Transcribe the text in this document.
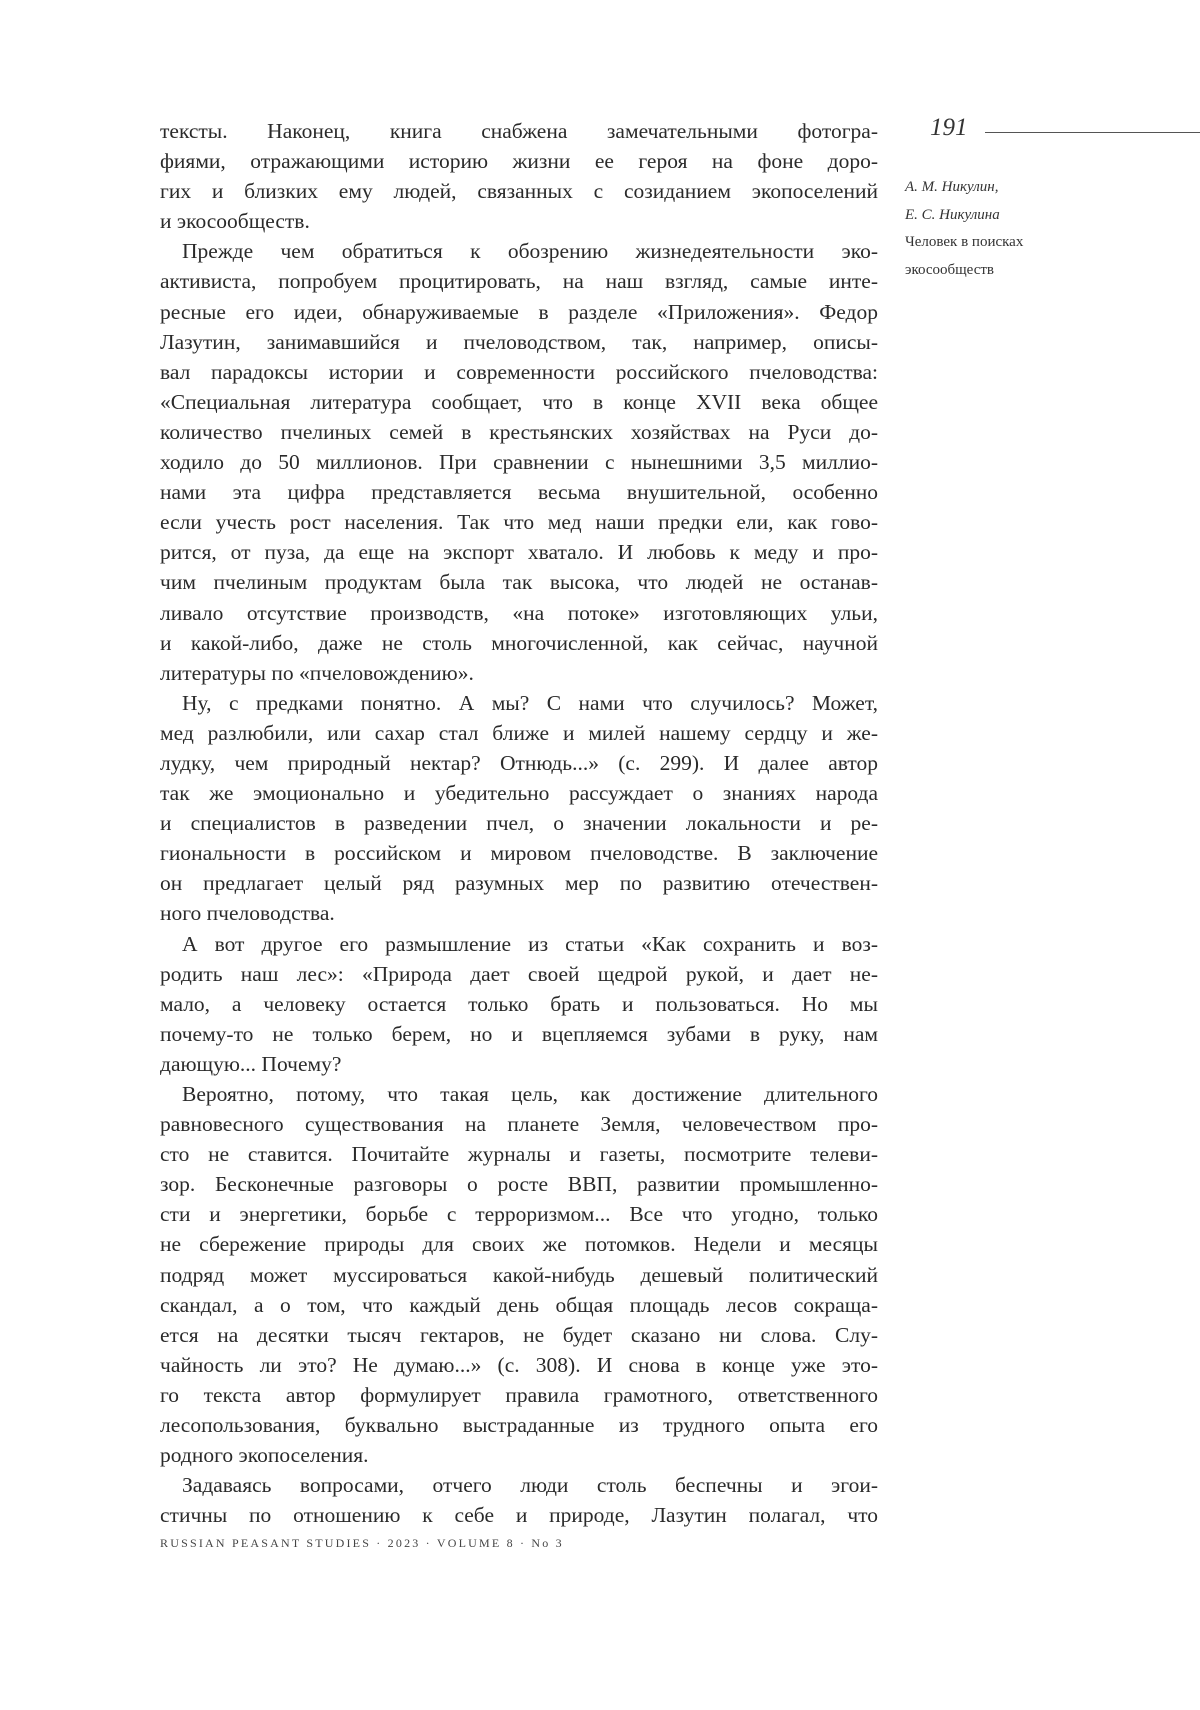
191
А. М. Никулин,
Е. С. Никулина
Человек в поисках
экосообществ
тексты. Наконец, книга снабжена замечательными фотогра-
фиями, отражающими историю жизни ее героя на фоне доро-
гих и близких ему людей, связанных с созиданием экопоселений
и экосообществ.
Прежде чем обратиться к обозрению жизнедеятельности эко-
активиста, попробуем процитировать, на наш взгляд, самые инте-
ресные его идеи, обнаруживаемые в разделе «Приложения». Федор
Лазутин, занимавшийся и пчеловодством, так, например, описы-
вал парадоксы истории и современности российского пчеловодства:
«Специальная литература сообщает, что в конце XVII века общее
количество пчелиных семей в крестьянских хозяйствах на Руси до-
ходило до 50 миллионов. При сравнении с нынешними 3,5 миллио-
нами эта цифра представляется весьма внушительной, особенно
если учесть рост населения. Так что мед наши предки ели, как гово-
рится, от пуза, да еще на экспорт хватало. И любовь к меду и про-
чим пчелиным продуктам была так высока, что людей не останав-
ливало отсутствие производств, «на потоке» изготовляющих ульи,
и какой-либо, даже не столь многочисленной, как сейчас, научной
литературы по «пчеловождению».
Ну, с предками понятно. А мы? С нами что случилось? Может,
мед разлюбили, или сахар стал ближе и милей нашему сердцу и же-
лудку, чем природный нектар? Отнюдь...» (с. 299). И далее автор
так же эмоционально и убедительно рассуждает о знаниях народа
и специалистов в разведении пчел, о значении локальности и ре-
гиональности в российском и мировом пчеловодстве. В заключение
он предлагает целый ряд разумных мер по развитию отечествен-
ного пчеловодства.
А вот другое его размышление из статьи «Как сохранить и воз-
родить наш лес»: «Природа дает своей щедрой рукой, и дает не-
мало, а человеку остается только брать и пользоваться. Но мы
почему-то не только берем, но и вцепляемся зубами в руку, нам
дающую... Почему?
Вероятно, потому, что такая цель, как достижение длительного
равновесного существования на планете Земля, человечеством про-
сто не ставится. Почитайте журналы и газеты, посмотрите телеви-
зор. Бесконечные разговоры о росте ВВП, развитии промышленно-
сти и энергетики, борьбе с терроризмом... Все что угодно, только
не сбережение природы для своих же потомков. Недели и месяцы
подряд может муссироваться какой-нибудь дешевый политический
скандал, а о том, что каждый день общая площадь лесов сокраща-
ется на десятки тысяч гектаров, не будет сказано ни слова. Слу-
чайность ли это? Не думаю...» (с. 308). И снова в конце уже это-
го текста автор формулирует правила грамотного, ответственного
лесопользования, буквально выстраданные из трудного опыта его
родного экопоселения.
Задаваясь вопросами, отчего люди столь беспечны и эгои-
стичны по отношению к себе и природе, Лазутин полагал, что
RUSSIAN PEASANT STUDIES · 2023 · VOLUME 8 · No 3
